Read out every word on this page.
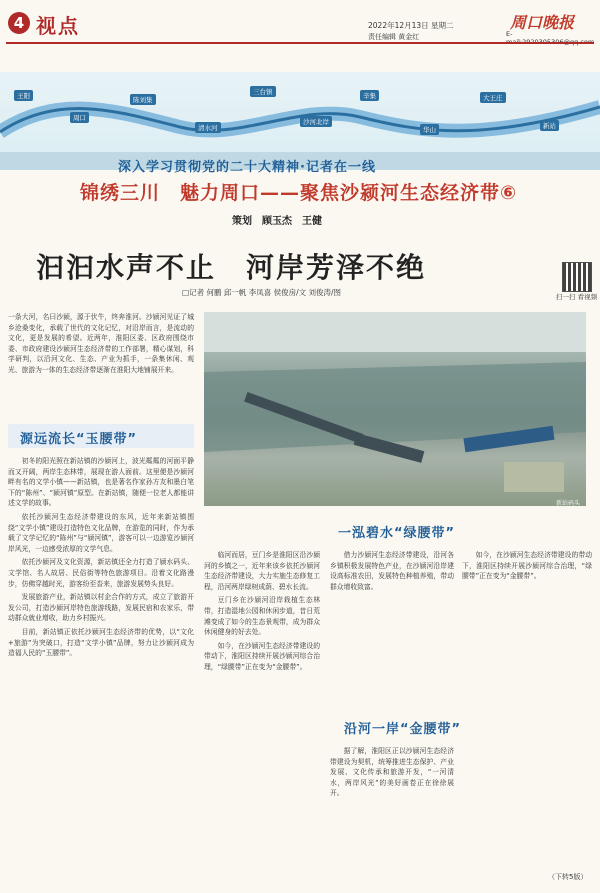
4 视点	2022年12月13日 星期二
责任编辑 黄金红
周口晚报
E-mail:2920305306@qq.com
王阳
周口
陈刘集
清水河
三台镇
沙河北岸
辛集
华山
大王庄
新站
深入学习贯彻党的二十大精神·记者在一线
锦绣三川　魅力周口——聚焦沙颍河生态经济带⑥
策划　顾玉杰　王健
汩汩水声不止　河岸芳泽不绝
□记者 何鹏 邱一帆 李凤喜 侯俊房/文 刘俊涛/图	扫一扫 看视频
一条大河，名曰沙颍，源于伏牛，终奔淮河。沙颍河见证了城乡沧桑变化，承载了世代的文化记忆，对沿岸而言，是流动的文化，更是发展的希望。近两年，淮阳区委、区政府围绕市委、市政府建设沙颍河生态经济带的工作部署，精心谋划，科学研判，以沿河文化、生态、产业为抓手，一条集休闲、观光、旅游为一体的生态经济带逐渐在淮阳大地铺展开来。
源远流长“玉腰带”

初冬的阳光照在新站镇的沙颍河上，波光粼粼的河面平静而又开阔，两岸生态林带，展现在游人面前。这里便是沙颍河畔有名的文学小镇——新站镇，也是著名作家孙方友和墨白笔下的“陈州”、“颍河镇”原型。在新站镇，随便一位老人都能讲述文学的故事。

依托沙颍河生态经济带建设的东风，近年来新站镇围绕“文学小镇”建设打造特色文化品牌，在游览的同时，作为承载了文学记忆的“陈州”与“颍河镇”，游客可以一边游览沙颍河岸风光，一边感受浓厚的文学气息。

依托沙颍河及文化资源，新站镇还全力打造了颍水码头、文学馆、名人故居、民俗街等特色旅游项目。沿着文化路漫步，仿佛穿越时光，游客纷至沓来，旅游发展势头良好。

发展旅游产业，新站镇以村企合作的方式，成立了旅游开发公司，打造沙颍河岸特色旅游线路，发展民宿和农家乐，带动群众就业增收，助力乡村振兴。

目前，新站镇正依托沙颍河生态经济带的优势，以“文化+旅游”为突破口，打造“文学小镇”品牌，努力让沙颍河成为造福人民的“玉腰带”。

新站码头
一泓碧水“绿腰带”

临河而居，豆门乡是淮阳区沿沙颍河的乡镇之一，近年来该乡依托沙颍河生态经济带建设，大力实施生态修复工程，沿河两岸绿树成荫、碧水长流。

豆门乡在沙颍河沿岸栽植生态林带，打造湿地公园和休闲步道，昔日荒滩变成了如今的生态景观带，成为群众休闲健身的好去处。

如今，在沙颍河生态经济带建设的带动下，淮阳区持续开展沙颍河综合治理，“绿腰带”正在变为“金腰带”。

借力沙颍河生态经济带建设，沿河各乡镇积极发展特色产业，在沙颍河沿岸建设高标准农田，发展特色种植养殖，带动群众增收致富。

沿河一岸“金腰带”

据了解，淮阳区正以沙颍河生态经济带建设为契机，统筹推进生态保护、产业发展、文化传承和旅游开发，“一河清水，两岸风光”的美好画卷正在徐徐展开。

如今，在沙颍河生态经济带建设的带动下，淮阳区持续开展沙颍河综合治理，“绿腰带”正在变为“金腰带”。

（下转5版）
